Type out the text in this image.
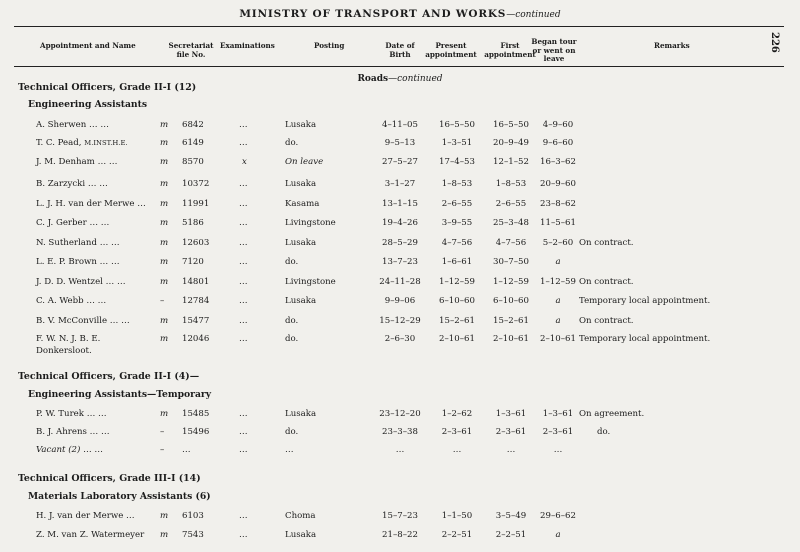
MINISTRY OF TRANSPORT AND WORKS—continued
226
Appointment and Name	Secretariat
file No.
Examinations	Posting	Date of
Birth
Present
appointment
First
appointment
Began tour
or went on
leave
Remarks
Roads—continued
Technical Officers, Grade II-I (12)
Engineering Assistants
Technical Officers, Grade II-I (4)—
Engineering Assistants—Temporary
Technical Officers, Grade III-I (14)
Materials Laboratory Assistants (6)
A. Sherwen … …	m 6842	…	Lusaka	4–11–05	16–5–50	16–5–50	4–9–60
T. C. Pead, M.INST.H.E.	m 6149	…	do.	9–5–13	1–3–51	20–9–49	9–6–60
J. M. Denham … …	m 8570	x	On leave	27–5–27	17–4–53	12–1–52	16–3–62
B. Zarzycki … …	m 10372	…	Lusaka	3–1–27	1–8–53	1–8–53	20–9–60
L. J. H. van der Merwe … m 11991	…	Kasama	13–1–15	2–6–55	2–6–55	23–8–62
C. J. Gerber … …	m 5186	…	Livingstone	19–4–26	3–9–55	25–3–48	11–5–61
N. Sutherland … …	m 12603	…	Lusaka	28–5–29	4–7–56	4–7–56	5–2–60 On contract.
L. E. P. Brown … …	m 7120	…	do.	13–7–23	1–6–61	30–7–50	a
J. D. D. Wentzel … …	m 14801	…	Livingstone	24–11–28	1–12–59	1–12–59	1–12–59 On contract.
C. A. Webb … …	– 12784	…	Lusaka	9–9–06	6–10–60	6–10–60	a	Temporary local appointment.
B. V. McConville … …	m 15477	…	do.	15–12–29	15–2–61	15–2–61	a	On contract.
F. W. N. J. B. E.
Donkersloot.
m 12046	…	do.	2–6–30	2–10–61	2–10–61	2–10–61 Temporary local appointment.
P. W. Turek … …	m 15485	…	Lusaka	23–12–20	1–2–62	1–3–61	1–3–61 On agreement.
B. J. Ahrens … …	– 15496	…	do.	23–3–38	2–3–61	2–3–61	2–3–61	do.
Vacant (2) … …	– …	…	…	…	…	…	…
H. J. van der Merwe …	m 6103	…	Choma	15–7–23	1–1–50	3–5–49	29–6–62
Z. M. van Z. Watermeyer m 7543	…	Lusaka	21–8–22	2–2–51	2–2–51	a
